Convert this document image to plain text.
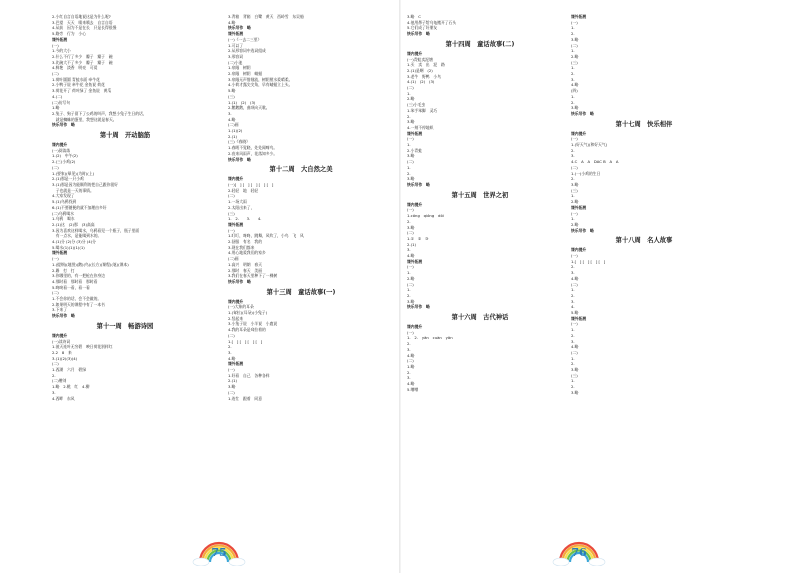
2.小红自言自语地说这是为什么呢?
3.巴望　天天　喷来喷去　自言自语
4.从前　因为不是在长　只是长得很慢
5.路旁　行为　小心
课外拓展
(一)
1.今的大小
2.什么不行了多少　瓣子　瓣子　碗
3.比碗大不了多少　瓣子　瓣子　碗
4.鲜艳　淡香　明亮　可爱
(二)
1.荷叶圆圆 青蛙水面 牵牛花
2.小鸭子说 牵牛花 金鱼说 荷花
3.荷花开了 荷叶绿了 金鱼说　黄瓜
4.(二)
(二)仿写句
1.略
2.兔子、狗子留下了公鸡的叫声，我想小兔子生日的话，
　就是蜘蛛的蛋里，我想这就是春天。
快乐写作　略
第十周　开动脑筋
课内提升
(一)阅读练
1.(2)　中午(2)
2.(三)小鸡(2)
(二)
1.(要家)(晕见)(为时)(上)
2.(1)那是一只小鸡
3.(1)那是因为能顺利的把自己跟你很好
　子也就是一天的事情。
4.大家发现了
5.(1)乌鸦找到
6.(1)不要随便的就不加理由多好
(二)乌鸦喝水
1.乌鸦　喝水
2.(1)这　(2)那　(3)高高
3.因为喜欢这样喝水，乌鸦看见一个瓶子，瓶子里面
　有一点水，是能喝到水的。
4.(1)分 (2)分 (3)分 (4)分
5.喝水(1)(1)(1)(1)
课外拓展
(一)
1.(提纲)(地图)(鹅)(鸟)(长方)(课程)(笔)(课本)
2.踢　打　打
3.你哪里的，有一把枪在你身边
4.那时看　那时看　那时看
5.咚咚看一看，看一看
(二)
1.不会你的话，会不会做的。
2.如果明天的课程中有了一本书
3.下来了
快乐写作　略
第十一周　畅游诗园
课内提升
(一)读诗词
1.彼天连叶无穷碧　映日荷花别样红
2.2　8　来　
3.(1)(2)(3)(4)
(二)
1.西湖　六月　碧绿　
2.
(二)赠刘
1.略　2.桃　红　4.柳　
3.
4.西畔　东风　
3.背箱　背箱　白鹭　黄天　西岭雪　东吴船
4.略
快乐写作　略
课外拓展
(一)《一去二三里》
1.可以了
2.从形容词中选词组成
3.形容词
(二)小池
1.泉眼　树阴
2.泉眼　树阴　蜻蜓
3.泉眼无声惜细流，树阴照水爱晴柔。
4.小荷才露尖尖角，早有蜻蜓立上头。
5.略
(三)
1.(1)　(2)　(3)
2.鹅鹅鹅，曲项向天歌。
3.
4.略
(二)画
1.(1)(2)
2.(1)
(三)《春晓》
1.春眠不觉晓，处处闻啼鸟。
2.夜来风雨声，花落知多少。
快乐写作　略
第十二周　大自然之美
课内提升
(一)[　] [　] [　] [　] [　]
2.轻轻　地　轻轻
(二)
1.一场大雨　　
2.太阳出来了，
(三)
1.　2.　　3.　　4.　
课外拓展
(一)
1.叮叮，咚咚，跳舞，风吹了，小鸟　飞　风
2.舒服　有名　我的
3.现在我们都来
4.用心地爱我们的家乡
(二)画
1.高兴　明朗　春天
2.那时　春天　美丽
3.我们在春天里种下了一棵树
快乐写作　略
第十三周　童话故事(一)
课内提升
(一)大象的耳朵
1.(耷拉)(耳朵)(小兔子)
2.竖起来
3.小兔子说　小羊说　小鹿说
4.我的耳朵是耷拉着的
(二)
1.[　] [　] [　] [　]
2.
3.
4.略
课外拓展
(一)
1.好看　自己　各种各样　
2.(1)
3.略
(二)
1.连忙　跟着　同意
3.略　C
4.他用鼻子给乌龟搬开了石头
5.它们成了好朋友
快乐写作　略
第十四周　童话故事(二)
课内提升
(一)青蛙卖泥塘
1.买　卖　出　泥　路　
2.(1)是啊　(2)　
3.老牛　野鸭　小鸟　
4.(1)　(2)　(3)　
(二)
1.
2.略
(三)小毛虫
1.笨手笨脚　灵巧　
2.
3.略
4.一刻不停地织
课外拓展
(一)
1.
2.小青蛙　
3.略
(二)
1.
2.
3.略
快乐写作　略
第十五周　世界之初
课内提升
(一)
1.cóng　qióng　dōi
2.
3.略
(二)
1.①　②　③
2.(1)
3.
4.略
课外拓展
(一)
1.
2.略
(二)
1.
2.
3.略
快乐写作　略
第十六周　古代神话
课内提升
(一)
1.　2.　yǎn　cuàn　yān
2.
3.
4.略
(二)
1.略
2.
3.
4.略
5.嘈嘈
课外拓展
(一)
1.
2.
3.略
(二)
1.
2.略
(三)
1.
2.
3.
4.略
(四)
1.
2.
3.略
快乐写作　略
第十七周　快乐相伴
课内提升
(一)
1.(好天气)(和好天气)
2.
3.
4.C　A　A　DAC B　A　A
(二)
1.(一)小鸡的生日
2.
3.略
(三)
1.
2.略
课外拓展
(一)
1.
2.略
快乐写作　略
第十八周　名人故事
课内提升
(一)
1.[　] [　] [　] [　]
2.
3.
4.略
(二)
1.
2.
3.
4.
5.略
课外拓展
(一)
1.
2.
3.
4.略
(二)
1.
2.
3.略
(三)
1.
2.
3.略
75	76
